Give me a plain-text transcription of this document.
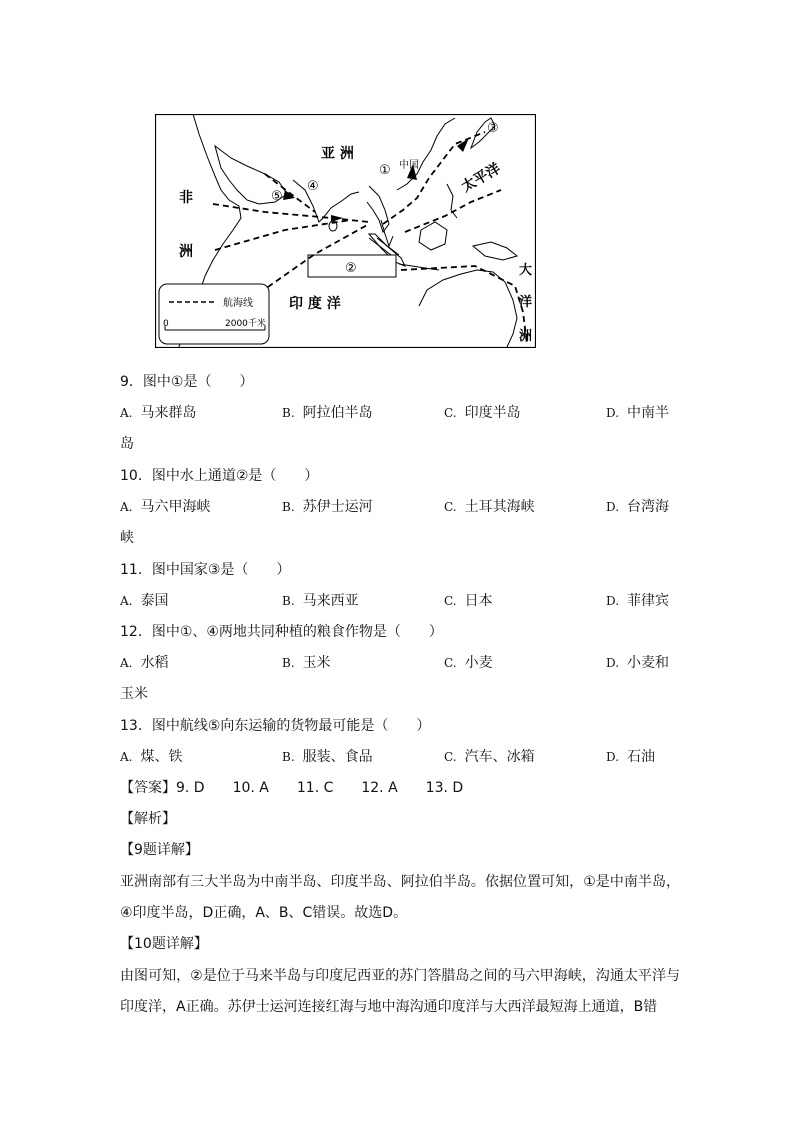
亚 洲
非
洲
印 度 洋
太平洋
中国
大
洋
洲
①
②
③
④
⑤
航海线
0	2000千米
9．图中①是（　　）
A. 马来群岛	B. 阿拉伯半岛	C. 印度半岛	D. 中南半
岛
10．图中水上通道②是（　　）
A. 马六甲海峡	B. 苏伊士运河	C. 土耳其海峡	D. 台湾海
峡
11．图中国家③是（　　）
A. 泰国	B. 马来西亚	C. 日本	D. 菲律宾
12．图中①、④两地共同种植的粮食作物是（　　）
A. 水稻	B. 玉米	C. 小麦	D. 小麦和
玉米
13．图中航线⑤向东运输的货物最可能是（　　）
A. 煤、铁	B. 服装、食品	C. 汽车、冰箱	D. 石油
【答案】9. D　　10. A　　11. C　　12. A　　13. D
【解析】
【9题详解】
亚洲南部有三大半岛为中南半岛、印度半岛、阿拉伯半岛。依据位置可知，①是中南半岛，④印度半岛，D正确，A、B、C错误。故选D。
【10题详解】
由图可知，②是位于马来半岛与印度尼西亚的苏门答腊岛之间的马六甲海峡，沟通太平洋与印度洋，A正确。苏伊士运河连接红海与地中海沟通印度洋与大西洋最短海上通道，B错
